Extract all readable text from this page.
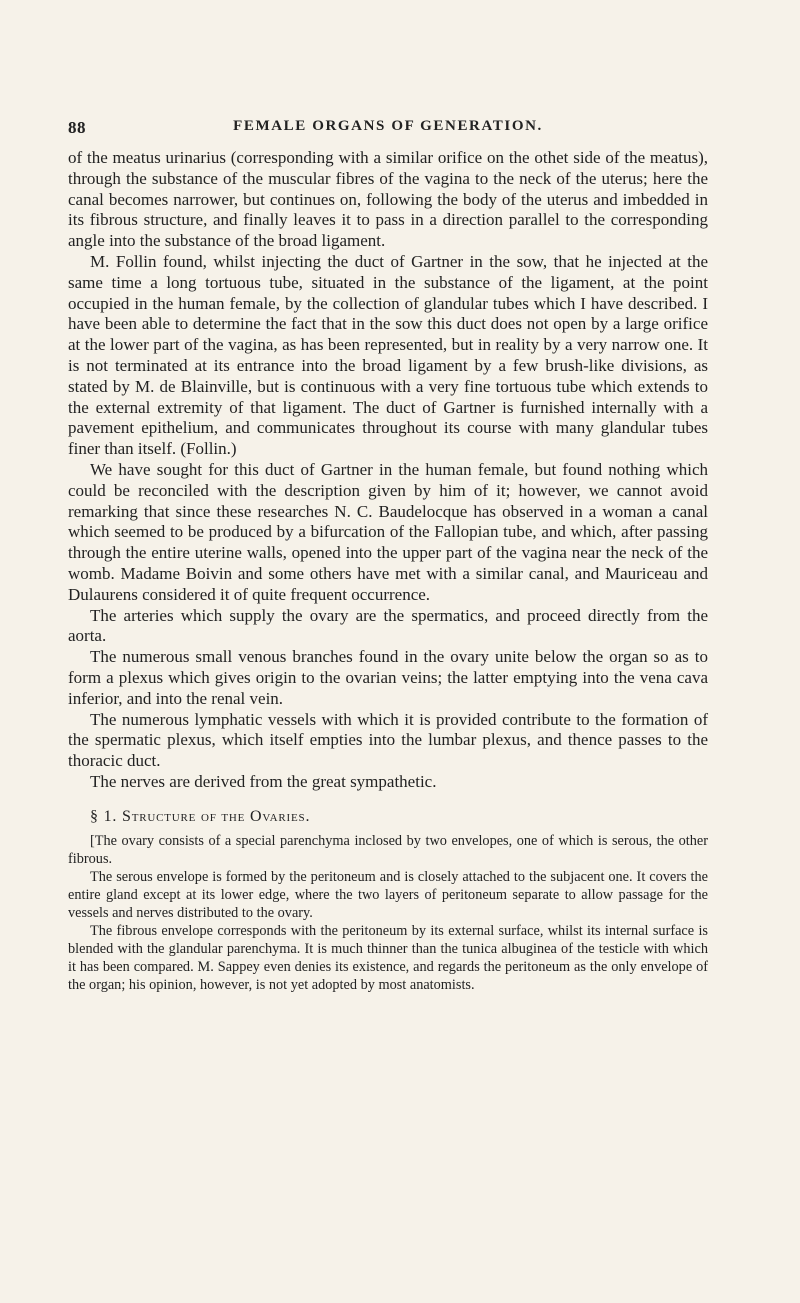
88	FEMALE ORGANS OF GENERATION.

of the meatus urinarius (corresponding with a similar orifice on the othet side of the meatus), through the substance of the muscular fibres of the vagina to the neck of the uterus; here the canal becomes narrower, but continues on, following the body of the uterus and imbedded in its fibrous structure, and finally leaves it to pass in a direction parallel to the corresponding angle into the substance of the broad ligament.

M. Follin found, whilst injecting the duct of Gartner in the sow, that he injected at the same time a long tortuous tube, situated in the substance of the ligament, at the point occupied in the human female, by the collection of glandular tubes which I have described. I have been able to determine the fact that in the sow this duct does not open by a large orifice at the lower part of the vagina, as has been represented, but in reality by a very narrow one. It is not terminated at its entrance into the broad ligament by a few brush-like divisions, as stated by M. de Blainville, but is continuous with a very fine tortuous tube which extends to the external extremity of that ligament. The duct of Gartner is furnished internally with a pavement epithelium, and communicates throughout its course with many glandular tubes finer than itself. (Follin.)

We have sought for this duct of Gartner in the human female, but found nothing which could be reconciled with the description given by him of it; however, we cannot avoid remarking that since these researches N. C. Baudelocque has observed in a woman a canal which seemed to be produced by a bifurcation of the Fallopian tube, and which, after passing through the entire uterine walls, opened into the upper part of the vagina near the neck of the womb. Madame Boivin and some others have met with a similar canal, and Mauriceau and Dulaurens considered it of quite frequent occurrence.

The arteries which supply the ovary are the spermatics, and proceed directly from the aorta.

The numerous small venous branches found in the ovary unite below the organ so as to form a plexus which gives origin to the ovarian veins; the latter emptying into the vena cava inferior, and into the renal vein.

The numerous lymphatic vessels with which it is provided contribute to the formation of the spermatic plexus, which itself empties into the lumbar plexus, and thence passes to the thoracic duct.

The nerves are derived from the great sympathetic.

§ 1. Structure of the Ovaries.

[The ovary consists of a special parenchyma inclosed by two envelopes, one of which is serous, the other fibrous.

The serous envelope is formed by the peritoneum and is closely attached to the subjacent one. It covers the entire gland except at its lower edge, where the two layers of peritoneum separate to allow passage for the vessels and nerves distributed to the ovary.

The fibrous envelope corresponds with the peritoneum by its external surface, whilst its internal surface is blended with the glandular parenchyma. It is much thinner than the tunica albuginea of the testicle with which it has been compared. M. Sappey even denies its existence, and regards the peritoneum as the only envelope of the organ; his opinion, however, is not yet adopted by most anatomists.
